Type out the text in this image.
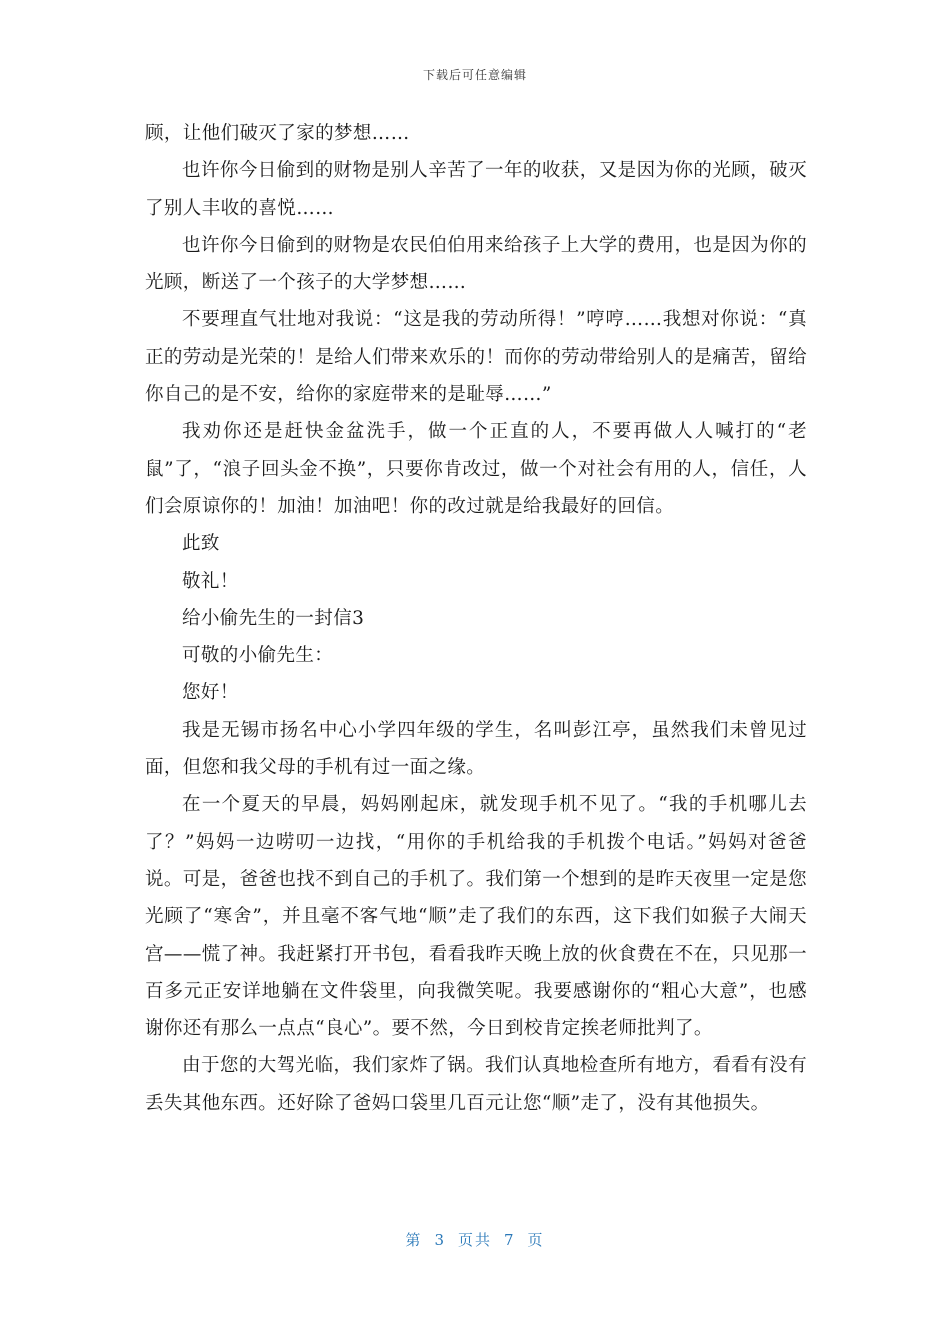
下载后可任意编辑

顾，让他们破灭了家的梦想……

也许你今日偷到的财物是别人辛苦了一年的收获，又是因为你的光顾，破灭了别人丰收的喜悦……

也许你今日偷到的财物是农民伯伯用来给孩子上大学的费用，也是因为你的光顾，断送了一个孩子的大学梦想……

不要理直气壮地对我说：“这是我的劳动所得！”哼哼……我想对你说：“真正的劳动是光荣的！是给人们带来欢乐的！而你的劳动带给别人的是痛苦，留给你自己的是不安，给你的家庭带来的是耻辱……”

我劝你还是赶快金盆洗手，做一个正直的人，不要再做人人喊打的“老鼠”了，“浪子回头金不换”，只要你肯改过，做一个对社会有用的人，信任，人们会原谅你的！加油！加油吧！你的改过就是给我最好的回信。

此致

敬礼！

给小偷先生的一封信3

可敬的小偷先生：

您好！

我是无锡市扬名中心小学四年级的学生，名叫彭江亭，虽然我们未曾见过面，但您和我父母的手机有过一面之缘。

在一个夏天的早晨，妈妈刚起床，就发现手机不见了。“我的手机哪儿去了？”妈妈一边唠叨一边找，“用你的手机给我的手机拨个电话。”妈妈对爸爸说。可是，爸爸也找不到自己的手机了。我们第一个想到的是昨天夜里一定是您光顾了“寒舍”，并且毫不客气地“顺”走了我们的东西，这下我们如猴子大闹天宫——慌了神。我赶紧打开书包，看看我昨天晚上放的伙食费在不在，只见那一百多元正安详地躺在文件袋里，向我微笑呢。我要感谢你的“粗心大意”，也感谢你还有那么一点点“良心”。要不然，今日到校肯定挨老师批判了。

由于您的大驾光临，我们家炸了锅。我们认真地检查所有地方，看看有没有丢失其他东西。还好除了爸妈口袋里几百元让您“顺”走了，没有其他损失。

第 3 页共 7 页
